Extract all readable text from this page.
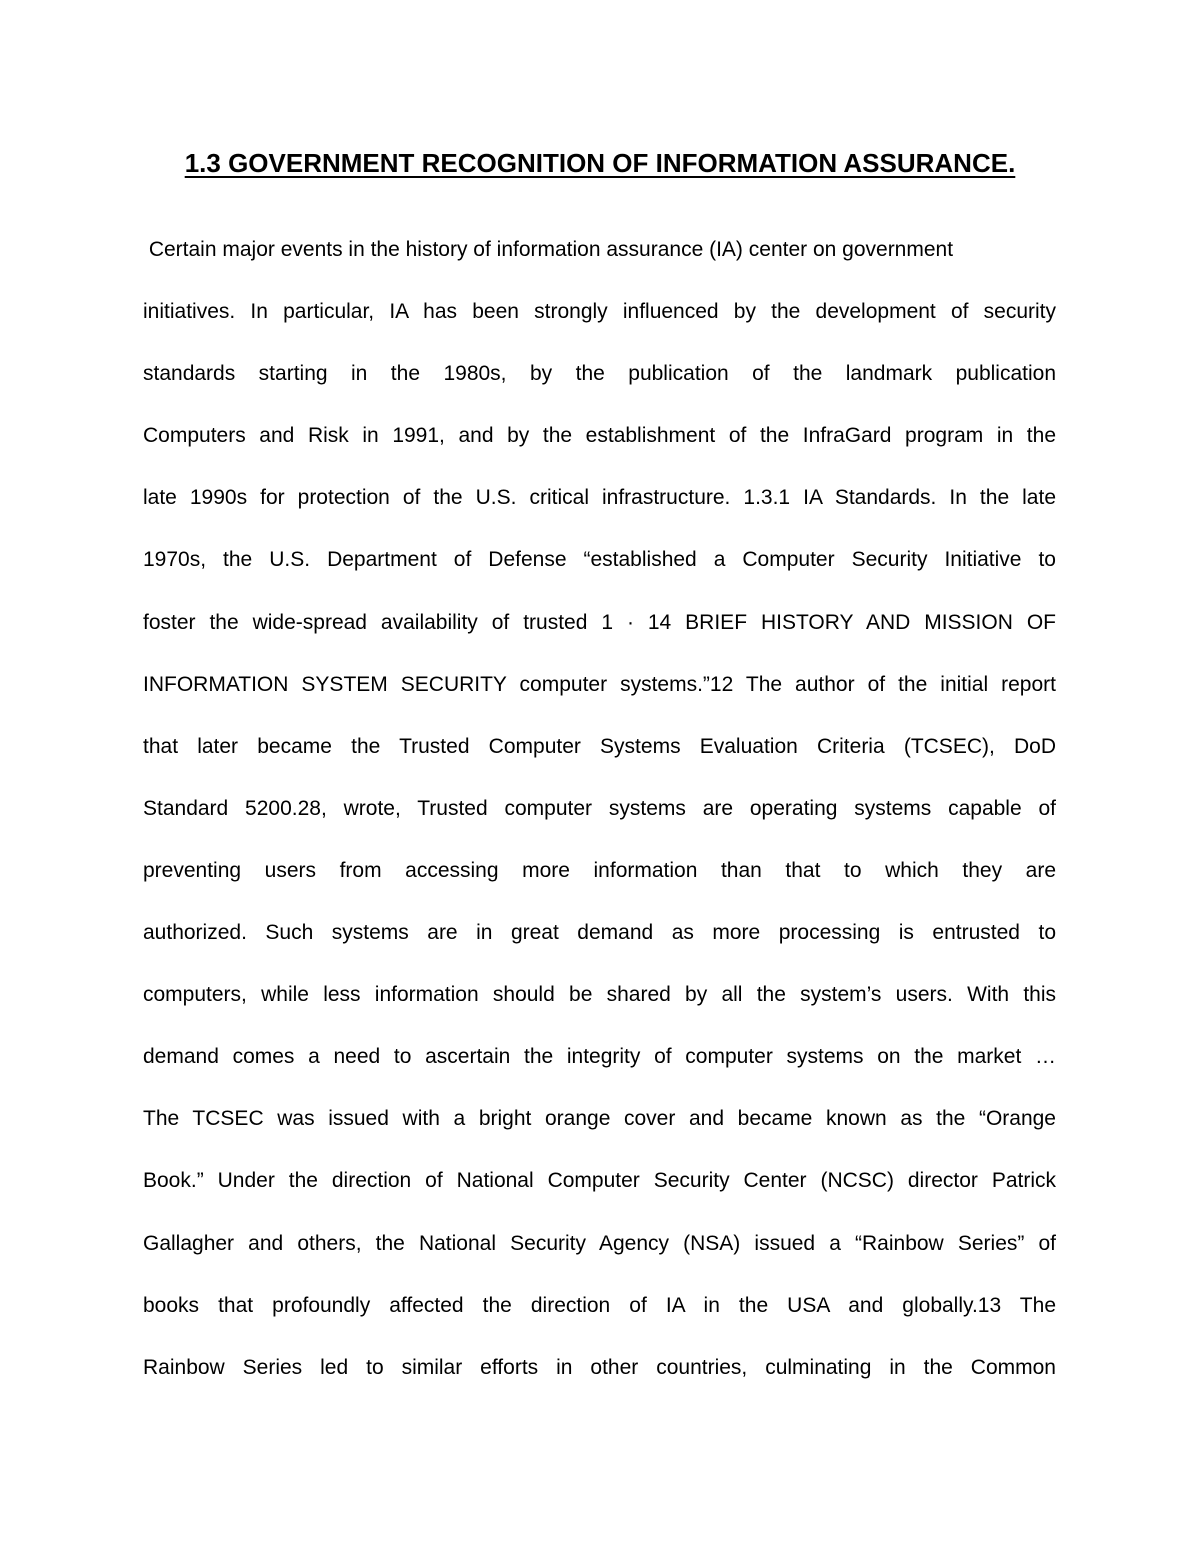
1.3 GOVERNMENT RECOGNITION OF INFORMATION ASSURANCE.
Certain major events in the history of information assurance (IA) center on government
initiatives. In particular, IA has been strongly influenced by the development of security
standards starting in the 1980s, by the publication of the landmark publication
Computers and Risk in 1991, and by the establishment of the InfraGard program in the
late 1990s for protection of the U.S. critical infrastructure. 1.3.1 IA Standards. In the late
1970s, the U.S. Department of Defense “established a Computer Security Initiative to
foster the wide-spread availability of trusted 1 · 14 BRIEF HISTORY AND MISSION OF
INFORMATION SYSTEM SECURITY computer systems.”12 The author of the initial report
that later became the Trusted Computer Systems Evaluation Criteria (TCSEC), DoD
Standard 5200.28, wrote, Trusted computer systems are operating systems capable of
preventing users from accessing more information than that to which they are
authorized. Such systems are in great demand as more processing is entrusted to
computers, while less information should be shared by all the system’s users. With this
demand comes a need to ascertain the integrity of computer systems on the market …
The TCSEC was issued with a bright orange cover and became known as the “Orange
Book.” Under the direction of National Computer Security Center (NCSC) director Patrick
Gallagher and others, the National Security Agency (NSA) issued a “Rainbow Series” of
books that profoundly affected the direction of IA in the USA and globally.13 The
Rainbow Series led to similar efforts in other countries, culminating in the Common
